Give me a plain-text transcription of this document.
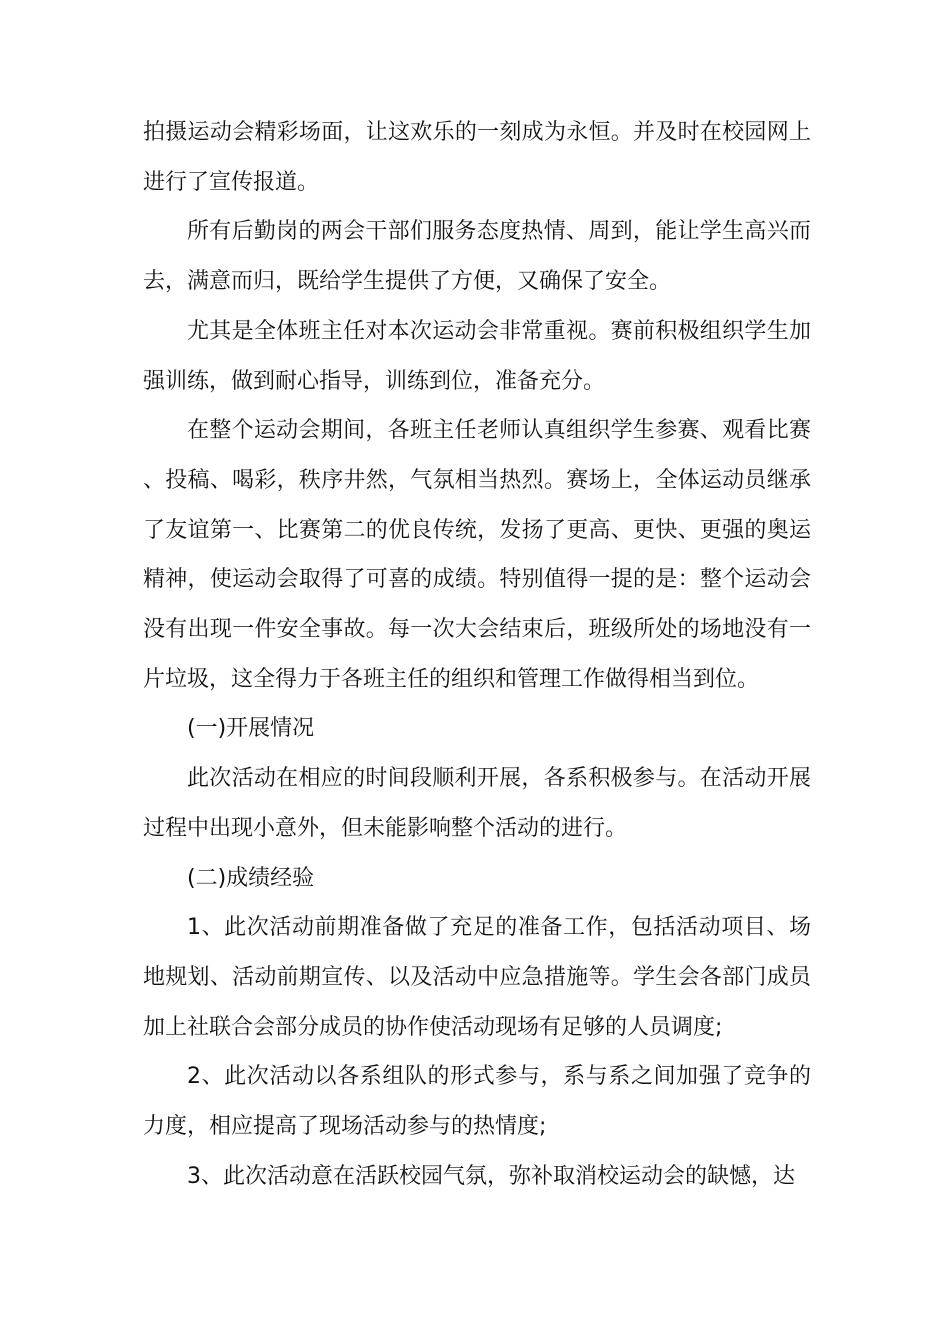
拍摄运动会精彩场面，让这欢乐的一刻成为永恒。并及时在校园网上进行了宣传报道。

所有后勤岗的两会干部们服务态度热情、周到，能让学生高兴而去，满意而归，既给学生提供了方便，又确保了安全。

尤其是全体班主任对本次运动会非常重视。赛前积极组织学生加强训练，做到耐心指导，训练到位，准备充分。

在整个运动会期间，各班主任老师认真组织学生参赛、观看比赛、投稿、喝彩，秩序井然，气氛相当热烈。赛场上，全体运动员继承了友谊第一、比赛第二的优良传统，发扬了更高、更快、更强的奥运精神，使运动会取得了可喜的成绩。特别值得一提的是：整个运动会没有出现一件安全事故。每一次大会结束后，班级所处的场地没有一片垃圾，这全得力于各班主任的组织和管理工作做得相当到位。

(一)开展情况

此次活动在相应的时间段顺利开展，各系积极参与。在活动开展过程中出现小意外，但未能影响整个活动的进行。

(二)成绩经验

1、此次活动前期准备做了充足的准备工作，包括活动项目、场地规划、活动前期宣传、以及活动中应急措施等。学生会各部门成员加上社联合会部分成员的协作使活动现场有足够的人员调度;

2、此次活动以各系组队的形式参与，系与系之间加强了竞争的力度，相应提高了现场活动参与的热情度;

3、此次活动意在活跃校园气氛，弥补取消校运动会的缺憾，达
